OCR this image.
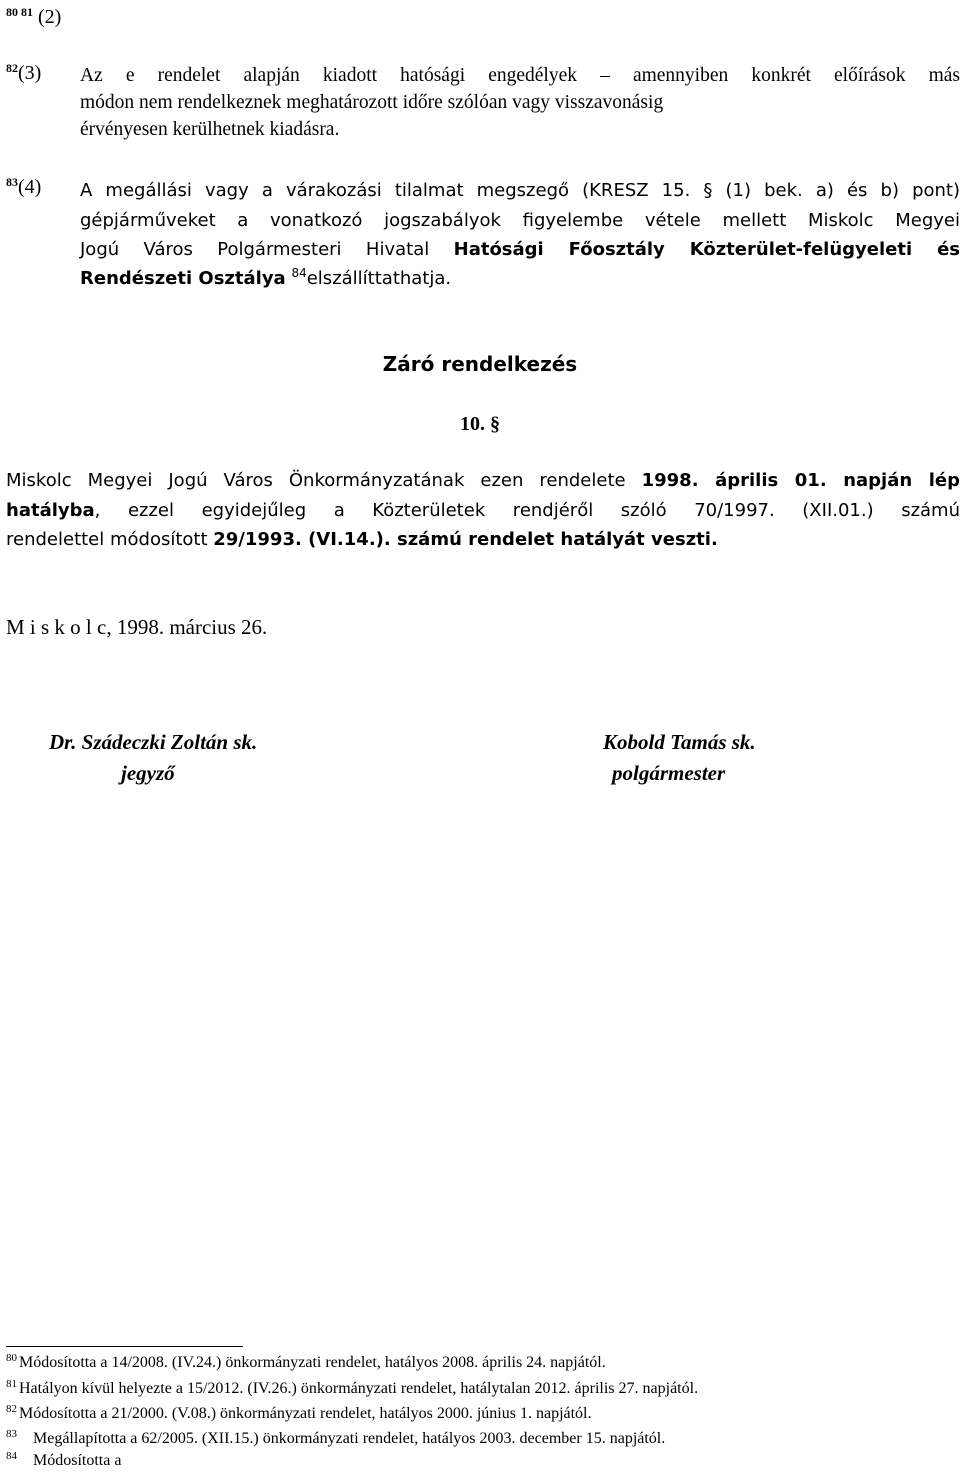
$^{80 81}$ (2)
$^{82}$(3) Az e rendelet alapján kiadott hatósági engedélyek – amennyiben konkrét előírások más
módon nem rendelkeznek meghatározott időre szólóan vagy visszavonásig
érvényesen kerülhetnek kiadásra.
$^{83}$(4) A megállási vagy a várakozási tilalmat megszegő (KRESZ 15. § (1) bek. a) és b) pont)
gépjárműveket a vonatkozó jogszabályok figyelembe vétele mellett Miskolc Megyei
Jogú Város Polgármesteri Hivatal Hatósági Főosztály Közterület-felügyeleti és
Rendészeti Osztálya $^{84}$elszállíttathatja.
Záró rendelkezés
10. §
Miskolc Megyei Jogú Város Önkormányzatának ezen rendelete 1998. április 01. napján lép
hatályba, ezzel egyidejűleg a Közterületek rendjéről szóló 70/1997. (XII.01.) számú
rendelettel módosított 29/1993. (VI.14.). számú rendelet hatályát veszti.
M i s k o l c, 1998. március 26.
Dr. Szádeczki Zoltán sk.
jegyző
Kobold Tamás sk.
polgármester
$^{80}$ Módosította a 14/2008. (IV.24.) önkormányzati rendelet, hatályos 2008. április 24. napjától.
$^{81}$ Hatályon kívül helyezte a 15/2012. (IV.26.) önkormányzati rendelet, hatálytalan 2012. április 27. napjától.
$^{82}$ Módosította a 21/2000. (V.08.) önkormányzati rendelet, hatályos 2000. június 1. napjától.
$^{83}$ Megállapította a 62/2005. (XII.15.) önkormányzati rendelet, hatályos 2003. december 15. napjától.
$^{84}$ Módosította a
